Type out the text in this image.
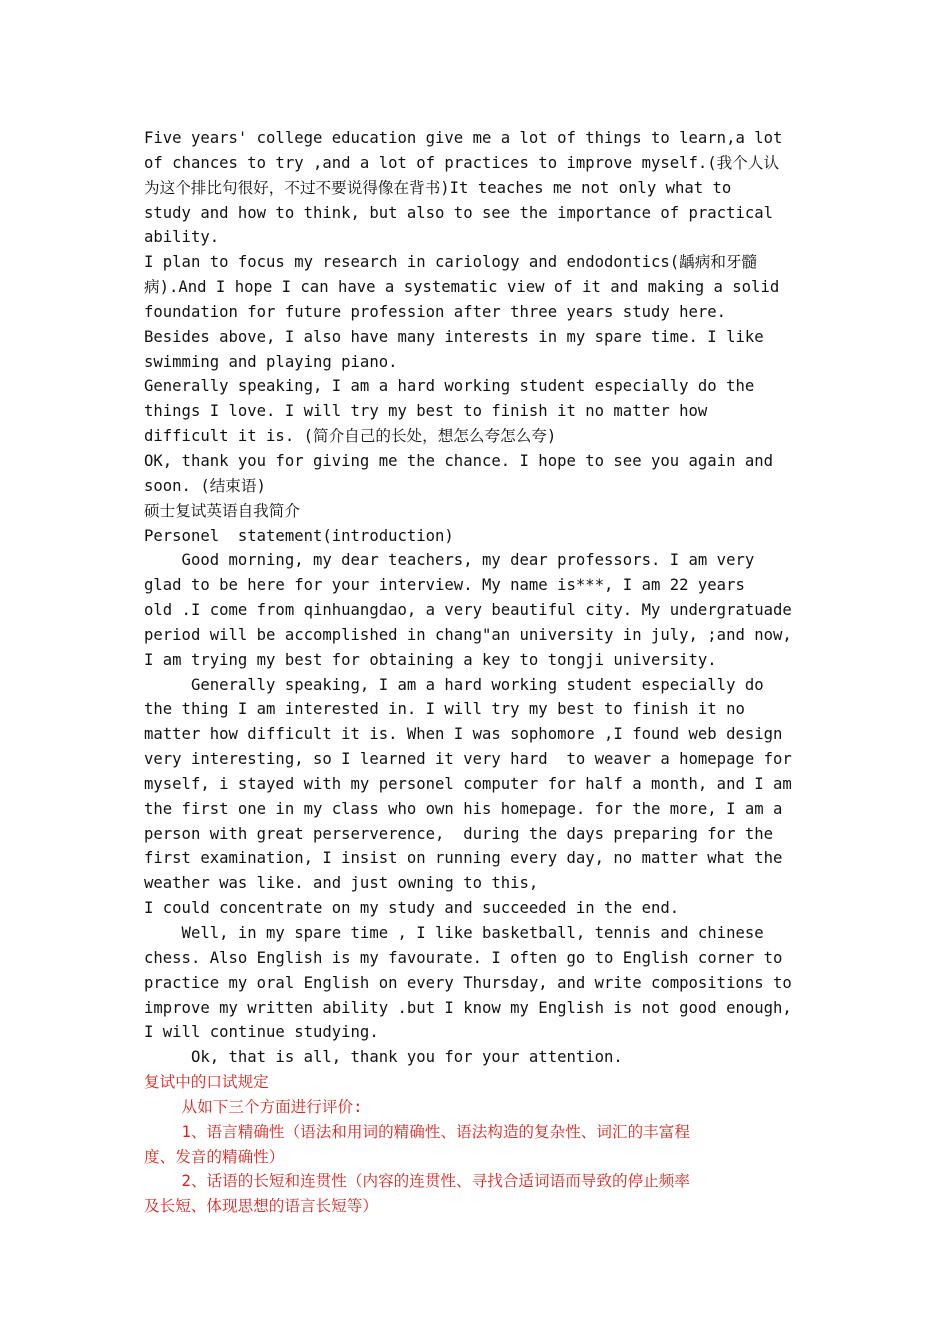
Five years' college education give me a lot of things to learn,a lot
of chances to try ,and a lot of practices to improve myself.(我个人认
为这个排比句很好，不过不要说得像在背书)It teaches me not only what to
study and how to think, but also to see the importance of practical
ability.
I plan to focus my research in cariology and endodontics(龋病和牙髓
病).And I hope I can have a systematic view of it and making a solid
foundation for future profession after three years study here.
Besides above, I also have many interests in my spare time. I like
swimming and playing piano.
Generally speaking, I am a hard working student especially do the
things I love. I will try my best to finish it no matter how
difficult it is. (简介自己的长处，想怎么夸怎么夸)
OK, thank you for giving me the chance. I hope to see you again and
soon. (结束语)
硕士复试英语自我简介
Personel  statement(introduction)
Good morning, my dear teachers, my dear professors. I am very
glad to be here for your interview. My name is***, I am 22 years
old .I come from qinhuangdao, a very beautiful city. My undergratuade
period will be accomplished in chang"an university in july, ;and now,
I am trying my best for obtaining a key to tongji university.
Generally speaking, I am a hard working student especially do
the thing I am interested in. I will try my best to finish it no
matter how difficult it is. When I was sophomore ,I found web design
very interesting, so I learned it very hard  to weaver a homepage for
myself, i stayed with my personel computer for half a month, and I am
the first one in my class who own his homepage. for the more, I am a
person with great perserverence,  during the days preparing for the
first examination, I insist on running every day, no matter what the
weather was like. and just owning to this,
I could concentrate on my study and succeeded in the end.
Well, in my spare time , I like basketball, tennis and chinese
chess. Also English is my favourate. I often go to English corner to
practice my oral English on every Thursday, and write compositions to
improve my written ability .but I know my English is not good enough,
I will continue studying.
Ok, that is all, thank you for your attention.
复试中的口试规定
从如下三个方面进行评价:
1、语言精确性（语法和用词的精确性、语法构造的复杂性、词汇的丰富程
度、发音的精确性）
2、话语的长短和连贯性（内容的连贯性、寻找合适词语而导致的停止频率
及长短、体现思想的语言长短等）
